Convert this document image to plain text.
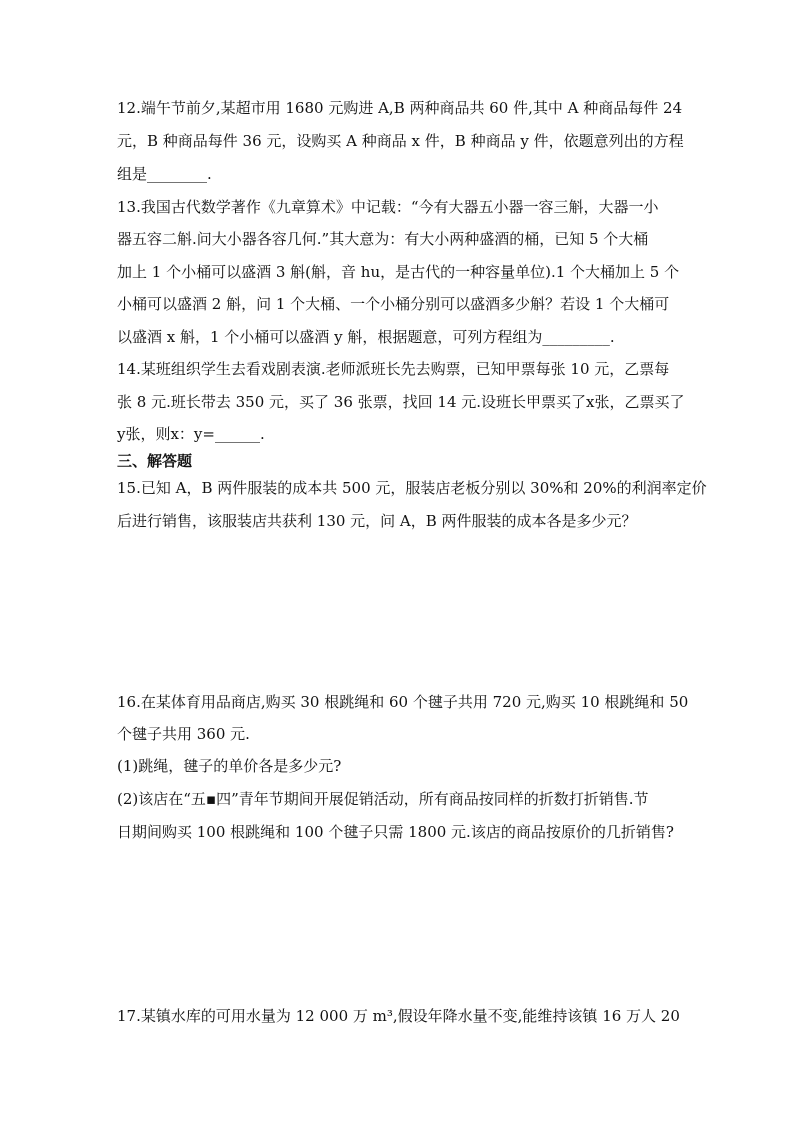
12.端午节前夕,某超市用 1680 元购进 A,B 两种商品共 60 件,其中 A 种商品每件 24
元，B 种商品每件 36 元，设购买 A 种商品 x 件，B 种商品 y 件，依题意列出的方程
组是________.
13.我国古代数学著作《九章算术》中记载：“今有大器五小器一容三斛，大器一小
器五容二斛.问大小器各容几何.”其大意为：有大小两种盛酒的桶，已知 5 个大桶
加上 1 个小桶可以盛酒 3 斛(斛，音 hu，是古代的一种容量单位).1 个大桶加上 5 个
小桶可以盛酒 2 斛，问 1 个大桶、一个小桶分别可以盛酒多少斛？若设 1 个大桶可
以盛酒 x 斛，1 个小桶可以盛酒 y 斛，根据题意，可列方程组为_________.
14.某班组织学生去看戏剧表演.老师派班长先去购票，已知甲票每张 10 元，乙票每
张 8 元.班长带去 350 元，买了 36 张票，找回 14 元.设班长甲票买了x张，乙票买了
y张，则x：y=______.
三、解答题
15.已知 A，B 两件服装的成本共 500 元，服装店老板分别以 30%和 20%的利润率定价
后进行销售，该服装店共获利 130 元，问 A，B 两件服装的成本各是多少元？
16.在某体育用品商店,购买 30 根跳绳和 60 个毽子共用 720 元,购买 10 根跳绳和 50
个毽子共用 360 元.
(1)跳绳，毽子的单价各是多少元?
(2)该店在“五▪四”青年节期间开展促销活动，所有商品按同样的折数打折销售.节
日期间购买 100 根跳绳和 100 个毽子只需 1800 元.该店的商品按原价的几折销售?
17.某镇水库的可用水量为 12 000 万 m³,假设年降水量不变,能维持该镇 16 万人 20
